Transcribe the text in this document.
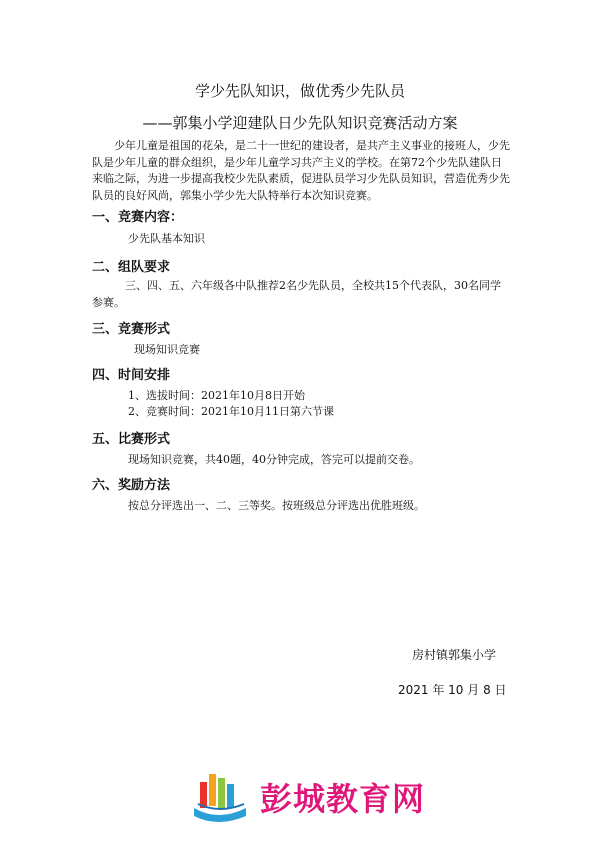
学少先队知识，做优秀少先队员
——郭集小学迎建队日少先队知识竞赛活动方案
少年儿童是祖国的花朵，是二十一世纪的建设者，是共产主义事业的接班人，少先队是少年儿童的群众组织，是少年儿童学习共产主义的学校。在第72个少先队建队日来临之际，为进一步提高我校少先队素质，促进队员学习少先队员知识，营造优秀少先队员的良好风尚，郭集小学少先大队特举行本次知识竞赛。
一、竞赛内容：
少先队基本知识
二、组队要求
三、四、五、六年级各中队推荐2名少先队员，全校共15个代表队，30名同学参赛。
三、竞赛形式
现场知识竞赛
四、时间安排
1、选拔时间：2021年10月8日开始
2、竞赛时间：2021年10月11日第六节课
五、比赛形式
现场知识竞赛，共40题，40分钟完成，答完可以提前交卷。
六、奖励方法
按总分评选出一、二、三等奖。按班级总分评选出优胜班级。
房村镇郭集小学
2021 年 10 月 8 日
彭城教育网
